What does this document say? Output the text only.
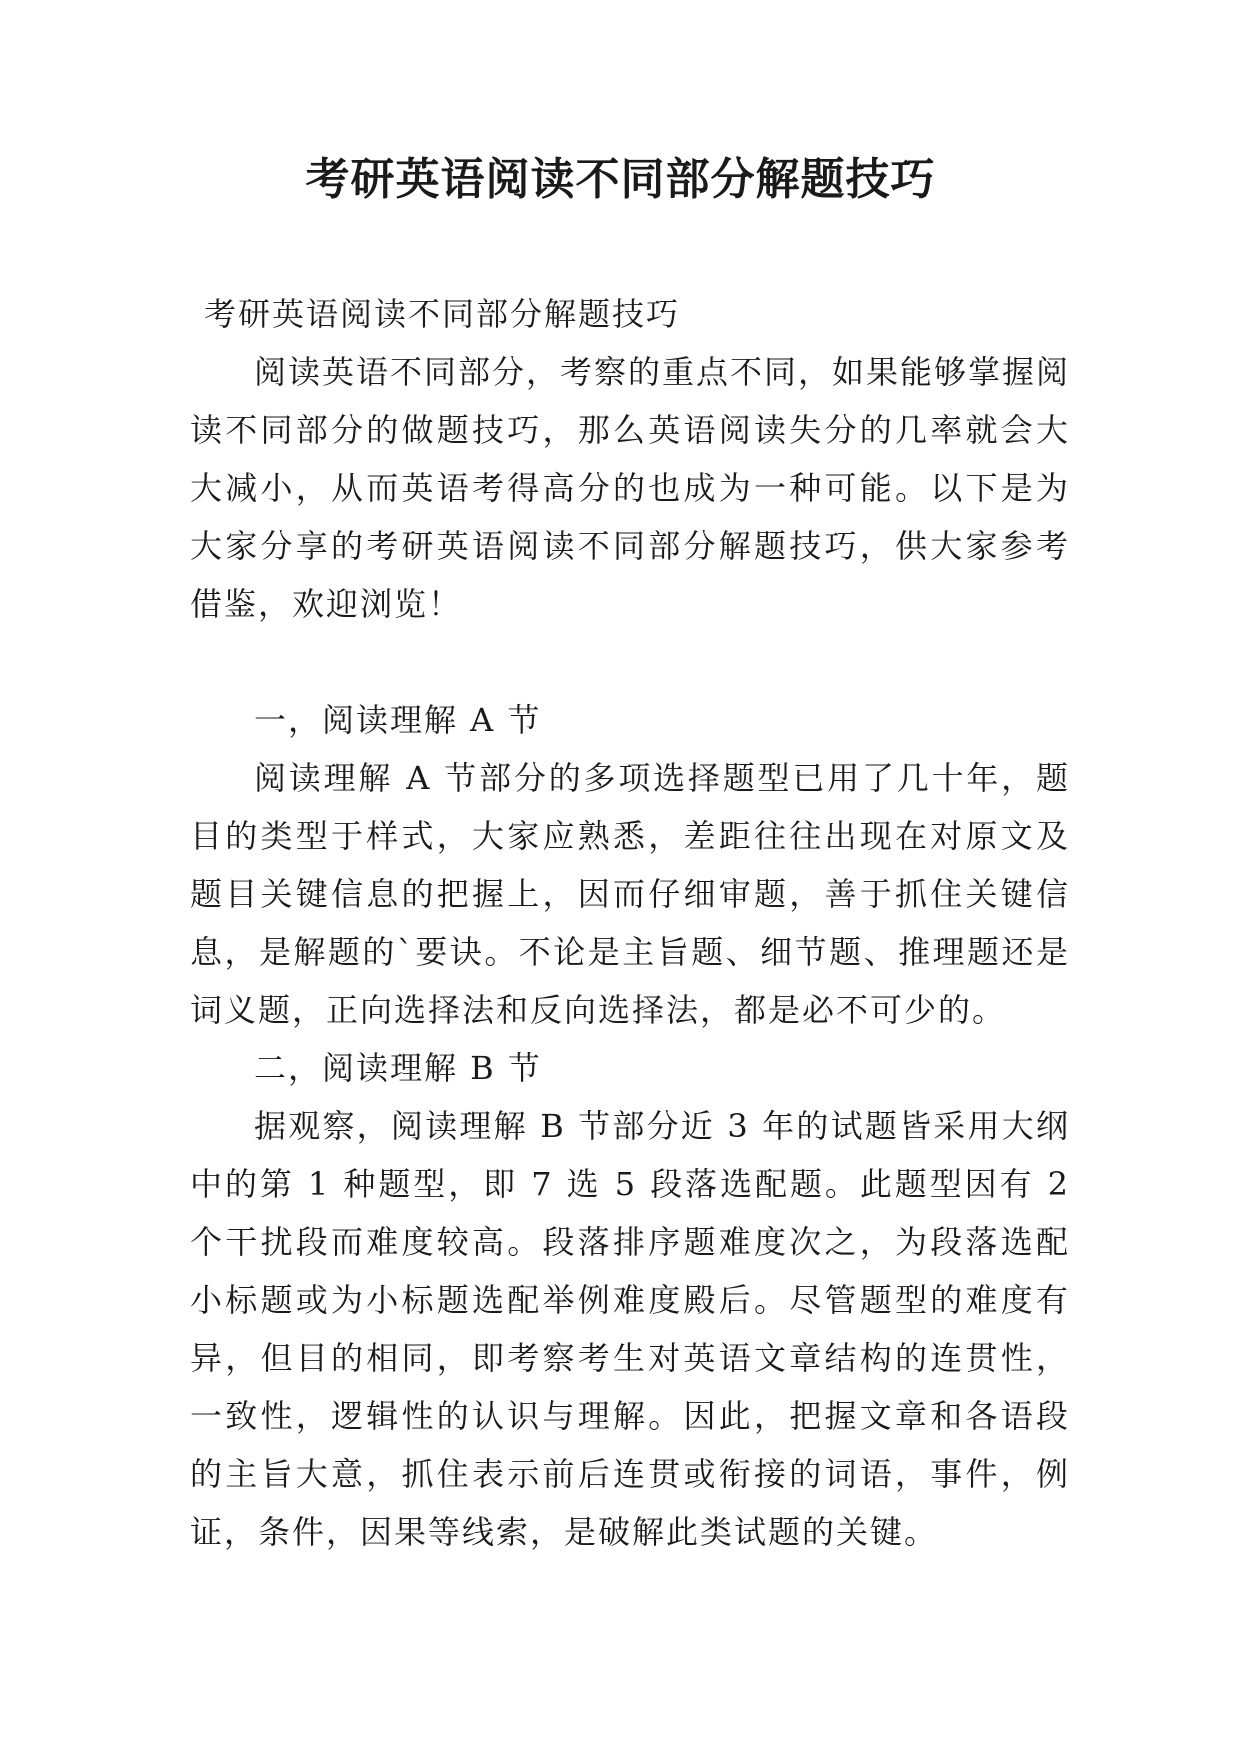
考研英语阅读不同部分解题技巧

考研英语阅读不同部分解题技巧

阅读英语不同部分，考察的重点不同，如果能够掌握阅读不同部分的做题技巧，那么英语阅读失分的几率就会大大减小，从而英语考得高分的也成为一种可能。以下是为大家分享的考研英语阅读不同部分解题技巧，供大家参考借鉴，欢迎浏览！

一，阅读理解 A 节

阅读理解 A 节部分的多项选择题型已用了几十年，题目的类型于样式，大家应熟悉，差距往往出现在对原文及题目关键信息的把握上，因而仔细审题，善于抓住关键信息，是解题的`要诀。不论是主旨题、细节题、推理题还是词义题，正向选择法和反向选择法，都是必不可少的。

二，阅读理解 B 节

据观察，阅读理解 B 节部分近 3 年的试题皆采用大纲中的第 1 种题型，即 7 选 5 段落选配题。此题型因有 2 个干扰段而难度较高。段落排序题难度次之，为段落选配小标题或为小标题选配举例难度殿后。尽管题型的难度有异，但目的相同，即考察考生对英语文章结构的连贯性，一致性，逻辑性的认识与理解。因此，把握文章和各语段的主旨大意，抓住表示前后连贯或衔接的词语，事件，例证，条件，因果等线索，是破解此类试题的关键。
